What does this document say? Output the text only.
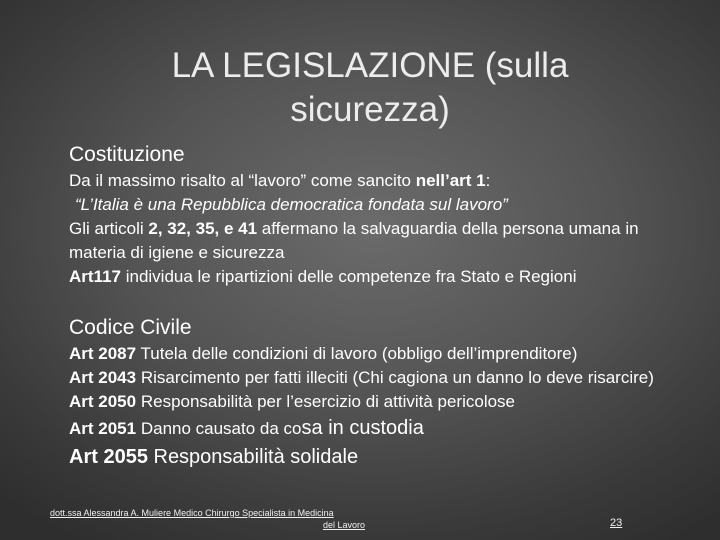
LA LEGISLAZIONE (sulla sicurezza)
Costituzione
Da il massimo risalto al “lavoro” come sancito nell’art 1:
“L’Italia è una Repubblica democratica fondata sul lavoro”
Gli articoli 2, 32, 35, e 41 affermano la salvaguardia della persona umana in materia di igiene e sicurezza
Art117 individua le ripartizioni delle competenze fra Stato e Regioni
Codice Civile
Art 2087 Tutela delle condizioni di lavoro (obbligo dell’imprenditore)
Art 2043 Risarcimento per fatti illeciti (Chi cagiona un danno lo deve risarcire)
Art 2050 Responsabilità per l’esercizio di attività pericolose
Art 2051 Danno causato da cosa in custodia
Art 2055 Responsabilità solidale
dott.ssa Alessandra A. Muliere Medico Chirurgo Specialista in Medicina
del Lavoro	23
